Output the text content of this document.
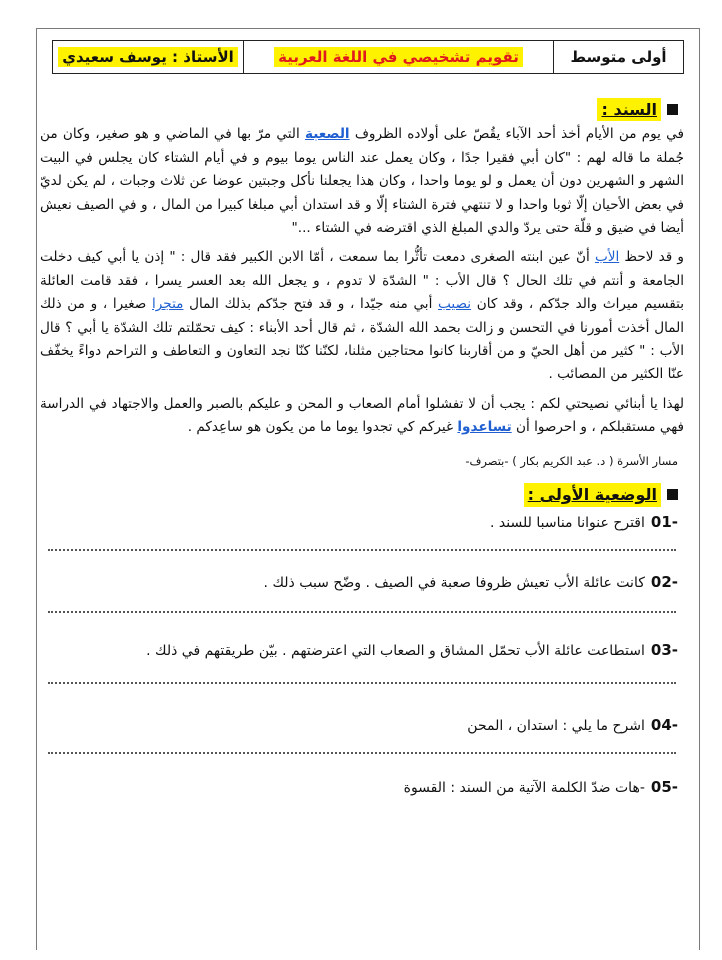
أولى متوسط
تقويم تشخيصي في اللغة العربية
الأستاذ : يوسف سعيدي
السند :

في يوم من الأيام أخذ أحد الآباء يقُصّ على أولاده الظروف الصعبة التي مرّ بها في الماضي و هو صغير، وكان من جُملة ما قاله لهم : "كان أبي فقيرا جدًا ، وكان يعمل عند الناس يوما بيوم و في أيام الشتاء كان يجلس في البيت الشهر و الشهرين دون أن يعمل و لو يوما واحدا ، وكان هذا يجعلنا نأكل وجبتين عوضا عن ثلاث وجبات ، لم يكن لديّ في بعض الأحيان إلّا ثوبا واحدا و لا تنتهي فترة الشتاء إلّا و قد استدان أبي مبلغا كبيرا من المال ، و في الصيف نعيش أيضا في ضيق و قلّة حتى يردّ والدي المبلغ الذي اقترضه في الشتاء ..."

و قد لاحظ الأب أنّ عين ابنته الصغرى دمعت تأثُّرا بما سمعت ، أمّا الابن الكبير فقد قال : " إذن يا أبي كيف دخلت الجامعة و أنتم في تلك الحال ؟ قال الأب : " الشدّة لا تدوم ، و يجعل الله بعد العسر يسرا ، فقد قامت العائلة بتقسيم ميراث والد جدّكم ، وقد كان نصيب أبي منه جيّدا ، و قد فتح جدّكم بذلك المال متجرا صغيرا ، و من ذلك المال أخذت أمورنا في التحسن و زالت بحمد الله الشدّة ، ثم قال أحد الأبناء : كيف تحمّلتم تلك الشدّة يا أبي ؟ قال الأب : " كثير من أهل الحيّ و من أقاربنا كانوا محتاجين مثلنا، لكنّنا كنّا نجد التعاون و التعاطف و التراحم دواءً يخفّف عنّا الكثير من المصائب .

لهذا يا أبنائي نصيحتي لكم : يجب أن لا تفشلوا أمام الصعاب و المحن و عليكم بالصبر والعمل والاجتهاد في الدراسة فهي مستقبلكم ، و احرصوا أن تساعدوا غيركم كي تجدوا يوما ما من يكون هو ساعِدكم .

مسار الأسرة ( د. عبد الكريم بكار ) -بتصرف-
الوضعية الأولى :
01-
اقترح عنوانا مناسبا للسند .
02-
كانت عائلة الأب تعيش ظروفا صعبة في الصيف . وضّح سبب ذلك .
03-
استطاعت عائلة الأب تحمّل المشاق و الصعاب التي اعترضتهم . بيّن طريقتهم في ذلك .
04-
اشرح ما يلي : استدان ، المحن
05-
-هات ضدّ الكلمة الآتية من السند : القسوة
